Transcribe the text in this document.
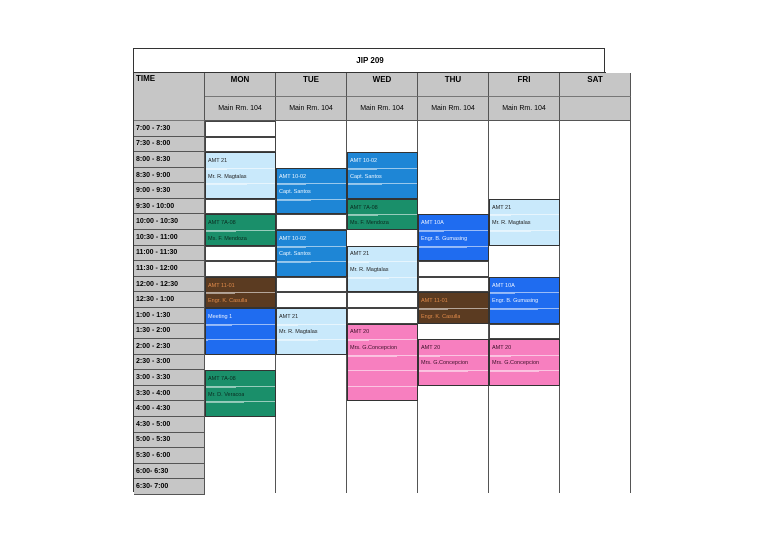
JIP 209
TIME	MON
Main Rm. 104
TUE
Main Rm. 104
WED
Main Rm. 104
THU
Main Rm. 104
FRI
Main Rm. 104
SAT
7:00 - 7:30
7:30 - 8:00
8:00 - 8:30
8:30 - 9:00
9:00 - 9:30
9:30 - 10:00
10:00 - 10:30
10:30 - 11:00
11:00 - 11:30
11:30 - 12:00
12:00 - 12:30
12:30 - 1:00
1:00 - 1:30
1:30 - 2:00
2:00 - 2:30
2:30 - 3:00
3:00 - 3:30
3:30 - 4:00
4:00 - 4:30
4:30 - 5:00
5:00 - 5:30
5:30 - 6:00
6:00- 6:30
6:30- 7:00
AMT 21
Mr. R. Magtalas
AMT 7A-08
Ms. F. Mendoza
AMT 11-01
Engr. K. Casulla
Meeting 1
AMT 7A-08
Mr. D. Veracoa
AMT 10-02
Capt. Santos
AMT 10-02
Capt. Santos
AMT 21
Mr. R. Magtalas
AMT 10-02
Capt. Santos
AMT 7A-08
Ms. F. Mendoza
AMT 21
Mr. R. Magtalas
AMT 20
Mrs. G.Concepcion
AMT 10A
Engr. B. Gumasing
AMT 11-01
Engr. K. Casulla
AMT 20
Mrs. G.Concepcion
AMT 21
Mr. R. Magtalas
AMT 10A
Engr. B. Gumasing
AMT 20
Mrs. G.Concepcion
